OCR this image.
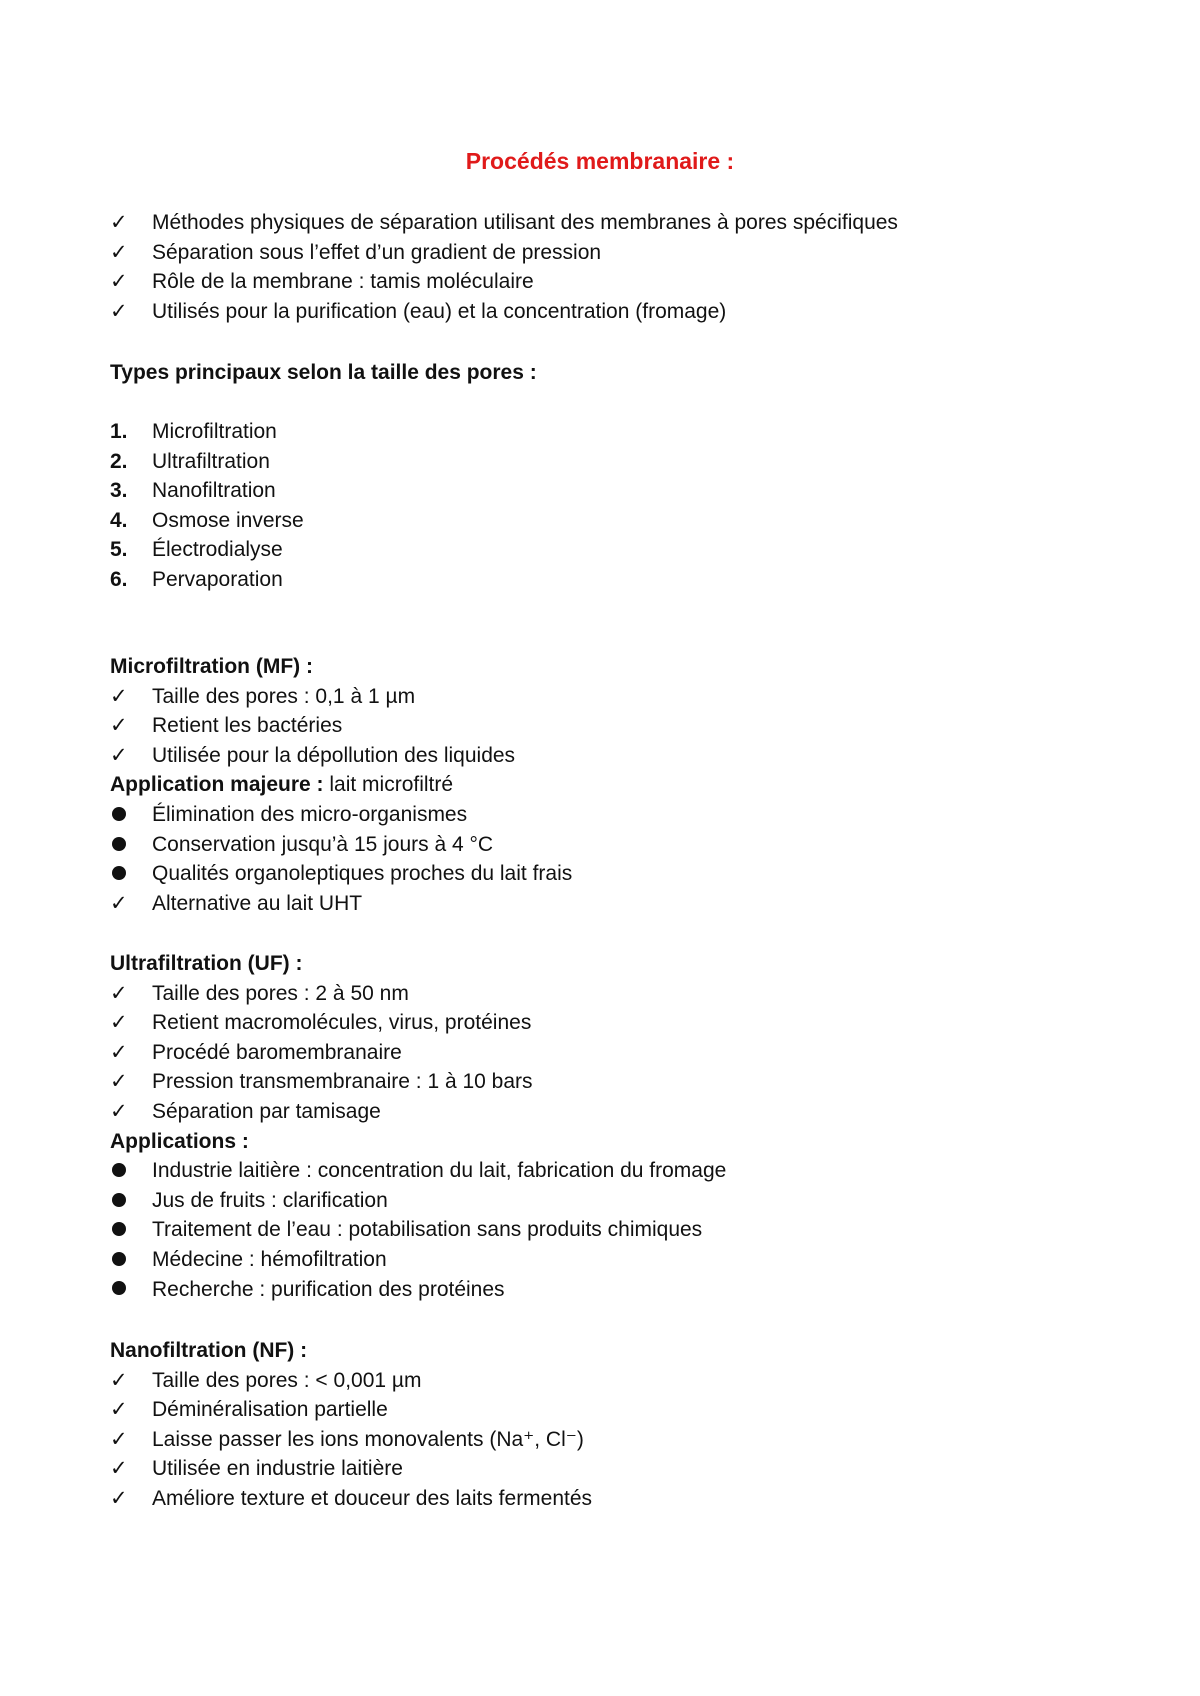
Procédés membranaire :
✓
Méthodes physiques de séparation utilisant des membranes à pores spécifiques
✓
Séparation sous l’effet d’un gradient de pression
✓
Rôle de la membrane : tamis moléculaire
✓
Utilisés pour la purification (eau) et la concentration (fromage)
Types principaux selon la taille des pores :
1.	Microfiltration
2.	Ultrafiltration
3.	Nanofiltration
4.	Osmose inverse
5.	Électrodialyse
6.	Pervaporation
Microfiltration (MF) :
✓
Taille des pores : 0,1 à 1 µm
✓
Retient les bactéries
✓
Utilisée pour la dépollution des liquides
Application majeure : lait microfiltré
Élimination des micro-organismes
Conservation jusqu’à 15 jours à 4 °C
Qualités organoleptiques proches du lait frais
✓
Alternative au lait UHT
Ultrafiltration (UF) :
✓
Taille des pores : 2 à 50 nm
✓
Retient macromolécules, virus, protéines
✓
Procédé baromembranaire
✓
Pression transmembranaire : 1 à 10 bars
✓
Séparation par tamisage
Applications :
Industrie laitière : concentration du lait, fabrication du fromage
Jus de fruits : clarification
Traitement de l’eau : potabilisation sans produits chimiques
Médecine : hémofiltration
Recherche : purification des protéines
Nanofiltration (NF) :
✓
Taille des pores : < 0,001 µm
✓
Déminéralisation partielle
✓
Laisse passer les ions monovalents (Na⁺, Cl⁻)
✓
Utilisée en industrie laitière
✓
Améliore texture et douceur des laits fermentés
